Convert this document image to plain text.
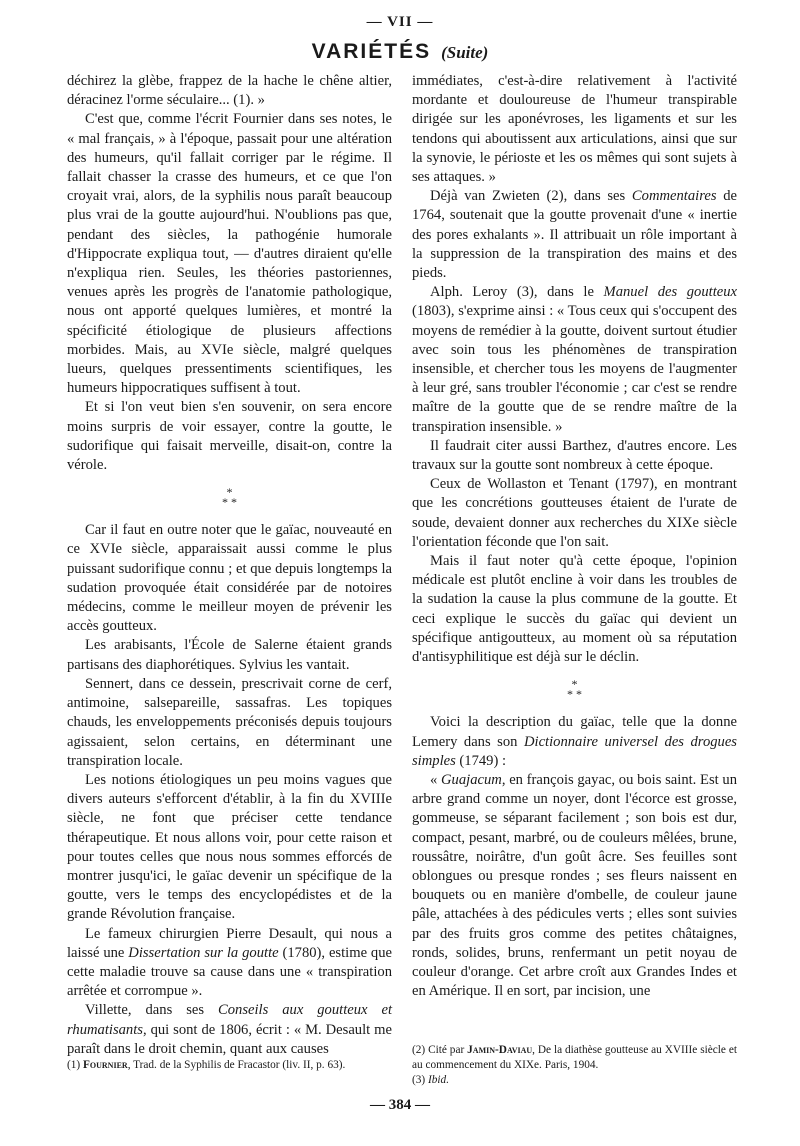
— VII —
VARIÉTÉS (Suite)

déchirez la glèbe, frappez de la hache le chêne altier, déracinez l'orme séculaire... (1). »

C'est que, comme l'écrit Fournier dans ses notes, le « mal français, » à l'époque, passait pour une altération des humeurs, qu'il fallait corriger par le régime. Il fallait chasser la crasse des humeurs, et ce que l'on croyait vrai, alors, de la syphilis nous paraît beaucoup plus vrai de la goutte aujourd'hui. N'oublions pas que, pendant des siècles, la pathogénie humorale d'Hippocrate expliqua tout, — d'autres diraient qu'elle n'expliqua rien. Seules, les théories pastoriennes, venues après les progrès de l'anatomie pathologique, nous ont apporté quelques lumières, et montré la spécificité étiologique de plusieurs affections morbides. Mais, au XVIe siècle, malgré quelques lueurs, quelques pressentiments scientifiques, les humeurs hippocratiques suffisent à tout.

Et si l'on veut bien s'en souvenir, on sera encore moins surpris de voir essayer, contre la goutte, le sudorifique qui faisait merveille, disait-on, contre la vérole.

*
* *

Car il faut en outre noter que le gaïac, nouveauté en ce XVIe siècle, apparaissait aussi comme le plus puissant sudorifique connu ; et que depuis longtemps la sudation provoquée était considérée par de notoires médecins, comme le meilleur moyen de prévenir les accès goutteux.

Les arabisants, l'École de Salerne étaient grands partisans des diaphorétiques. Sylvius les vantait.

Sennert, dans ce dessein, prescrivait corne de cerf, antimoine, salsepareille, sassafras. Les topiques chauds, les enveloppements préconisés depuis toujours agissaient, selon certains, en déterminant une transpiration locale.

Les notions étiologiques un peu moins vagues que divers auteurs s'efforcent d'établir, à la fin du XVIIIe siècle, ne font que préciser cette tendance thérapeutique. Et nous allons voir, pour cette raison et pour toutes celles que nous nous sommes efforcés de montrer jusqu'ici, le gaïac devenir un spécifique de la goutte, vers le temps des encyclopédistes et de la grande Révolution française.

Le fameux chirurgien Pierre Desault, qui nous a laissé une Dissertation sur la goutte (1780), estime que cette maladie trouve sa cause dans une « transpiration arrêtée et corrompue ».

Villette, dans ses Conseils aux goutteux et rhumatisants, qui sont de 1806, écrit : « M. Desault me paraît dans le droit chemin, quant aux causes

immédiates, c'est-à-dire relativement à l'activité mordante et douloureuse de l'humeur transpirable dirigée sur les aponévroses, les ligaments et sur les tendons qui aboutissent aux articulations, ainsi que sur la synovie, le périoste et les os mêmes qui sont sujets à ses attaques. »

Déjà van Zwieten (2), dans ses Commentaires de 1764, soutenait que la goutte provenait d'une « inertie des pores exhalants ». Il attribuait un rôle important à la suppression de la transpiration des mains et des pieds.

Alph. Leroy (3), dans le Manuel des goutteux (1803), s'exprime ainsi : « Tous ceux qui s'occupent des moyens de remédier à la goutte, doivent surtout étudier avec soin tous les phénomènes de transpiration insensible, et chercher tous les moyens de l'augmenter à leur gré, sans troubler l'économie ; car c'est se rendre maître de la goutte que de se rendre maître de la transpiration insensible. »

Il faudrait citer aussi Barthez, d'autres encore. Les travaux sur la goutte sont nombreux à cette époque.

Ceux de Wollaston et Tenant (1797), en montrant que les concrétions goutteuses étaient de l'urate de soude, devaient donner aux recherches du XIXe siècle l'orientation féconde que l'on sait.

Mais il faut noter qu'à cette époque, l'opinion médicale est plutôt encline à voir dans les troubles de la sudation la cause la plus commune de la goutte. Et ceci explique le succès du gaïac qui devient un spécifique antigoutteux, au moment où sa réputation d'antisyphilitique est déjà sur le déclin.

*
* *

Voici la description du gaïac, telle que la donne Lemery dans son Dictionnaire universel des drogues simples (1749) :

« Guajacum, en françois gayac, ou bois saint. Est un arbre grand comme un noyer, dont l'écorce est grosse, gommeuse, se séparant facilement ; son bois est dur, compact, pesant, marbré, ou de couleurs mêlées, brune, roussâtre, noirâtre, d'un goût âcre. Ses feuilles sont oblongues ou presque rondes ; ses fleurs naissent en bouquets ou en manière d'ombelle, de couleur jaune pâle, attachées à des pédicules verts ; elles sont suivies par des fruits gros comme des petites châtaignes, ronds, solides, bruns, renfermant un petit noyau de couleur d'orange. Cet arbre croît aux Grandes Indes et en Amérique. Il en sort, par incision, une

(1) Fournier, Trad. de la Syphilis de Fracastor (liv. II, p. 63).

(2) Cité par Jamin-Daviau, De la diathèse goutteuse au XVIIIe siècle et au commencement du XIXe. Paris, 1904.

(3) Ibid.

— 384 —
